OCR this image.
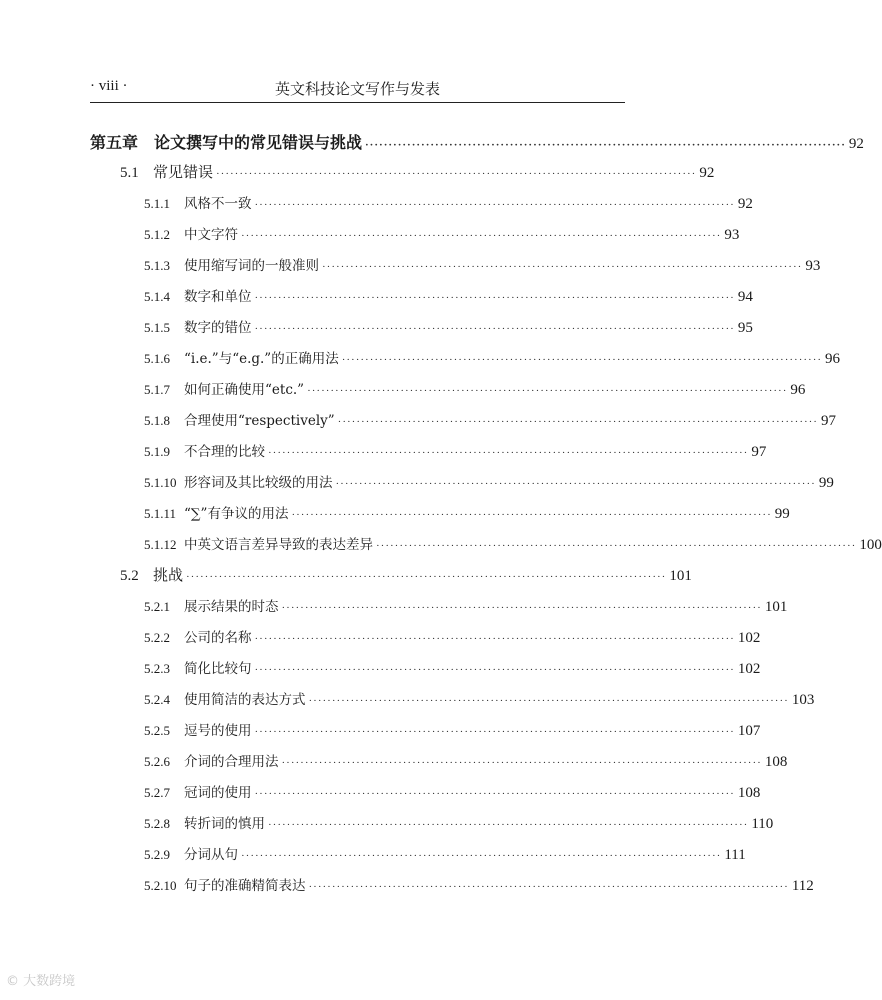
· viii ·	英文科技论文写作与发表
第五章 论文撰写中的常见错误与挑战 ······································································································· 92
5.1 常见错误 ······································································································· 92
5.1.1	风格不一致 ······································································································· 92
5.1.2	中文字符 ······································································································· 93
5.1.3	使用缩写词的一般准则 ······································································································· 93
5.1.4	数字和单位 ······································································································· 94
5.1.5	数字的错位 ······································································································· 95
5.1.6	“i.e.”与“e.g.”的正确用法 ······································································································· 96
5.1.7	如何正确使用“etc.” ······································································································· 96
5.1.8	合理使用“respectively” ······································································································· 97
5.1.9	不合理的比较 ······································································································· 97
5.1.10 形容词及其比较级的用法 ······································································································· 99
5.1.11 “∑”有争议的用法 ······································································································· 99
5.1.12 中英文语言差异导致的表达差异 ······································································································· 100
5.2 挑战 ······································································································· 101
5.2.1	展示结果的时态 ······································································································· 101
5.2.2	公司的名称 ······································································································· 102
5.2.3	简化比较句 ······································································································· 102
5.2.4	使用简洁的表达方式 ······································································································· 103
5.2.5	逗号的使用 ······································································································· 107
5.2.6	介词的合理用法 ······································································································· 108
5.2.7	冠词的使用 ······································································································· 108
5.2.8	转折词的慎用 ······································································································· 110
5.2.9	分词从句 ······································································································· 111
5.2.10 句子的准确精简表达 ······································································································· 112
© 大数跨境
